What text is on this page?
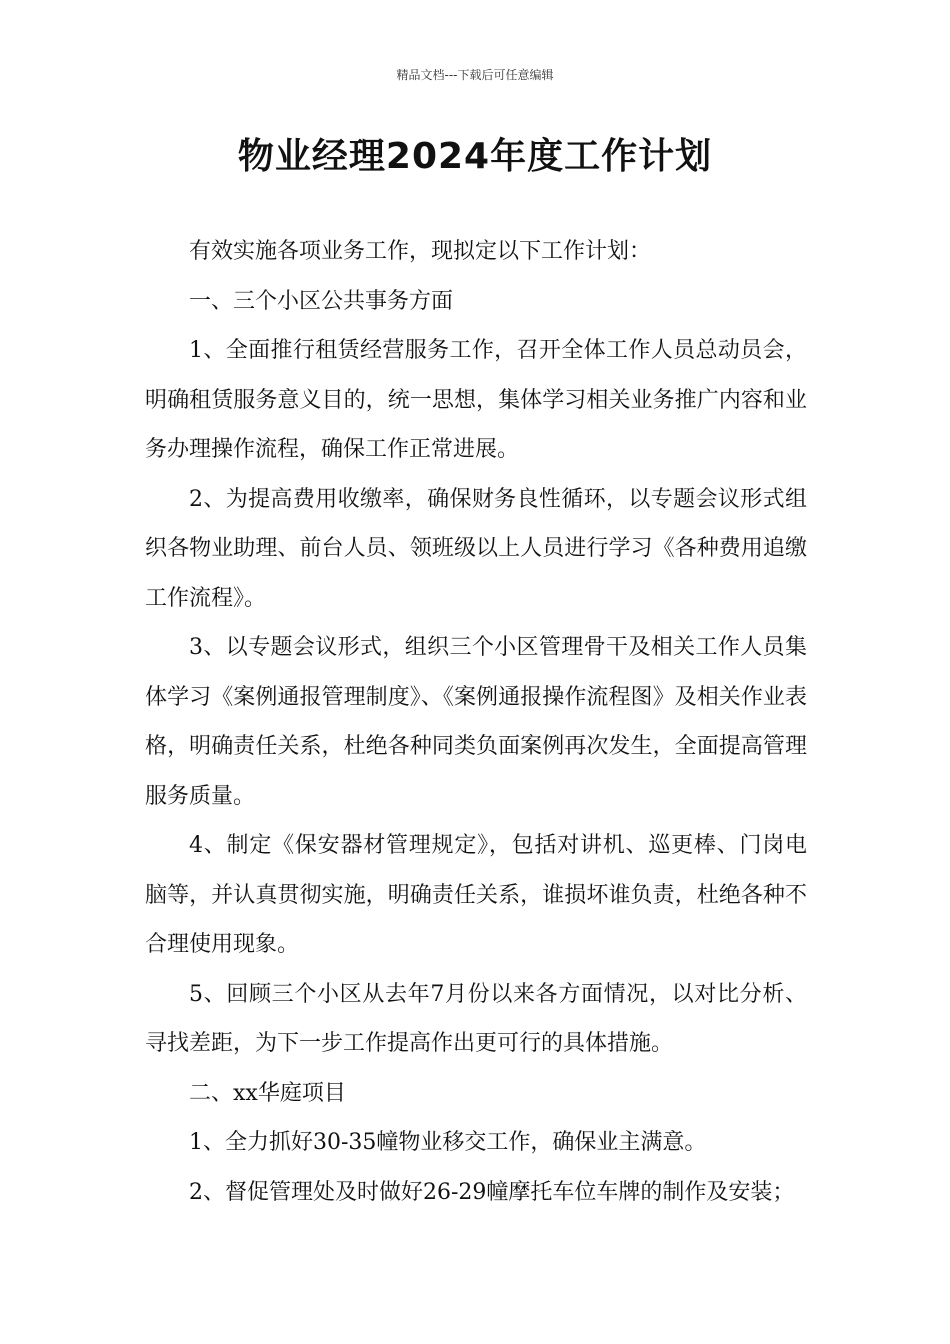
精品文档---下载后可任意编辑
物业经理2024年度工作计划

有效实施各项业务工作，现拟定以下工作计划：

一、三个小区公共事务方面

1、全面推行租赁经营服务工作，召开全体工作人员总动员会，明确租赁服务意义目的，统一思想，集体学习相关业务推广内容和业务办理操作流程，确保工作正常进展。

2、为提高费用收缴率，确保财务良性循环，以专题会议形式组织各物业助理、前台人员、领班级以上人员进行学习《各种费用追缴工作流程》。

3、以专题会议形式，组织三个小区管理骨干及相关工作人员集体学习《案例通报管理制度》、《案例通报操作流程图》及相关作业表格，明确责任关系，杜绝各种同类负面案例再次发生，全面提高管理服务质量。

4、制定《保安器材管理规定》，包括对讲机、巡更棒、门岗电脑等，并认真贯彻实施，明确责任关系，谁损坏谁负责，杜绝各种不合理使用现象。

5、回顾三个小区从去年7月份以来各方面情况，以对比分析、寻找差距，为下一步工作提高作出更可行的具体措施。

二、xx华庭项目

1、全力抓好30-35幢物业移交工作，确保业主满意。

2、督促管理处及时做好26-29幢摩托车位车牌的制作及安装；
